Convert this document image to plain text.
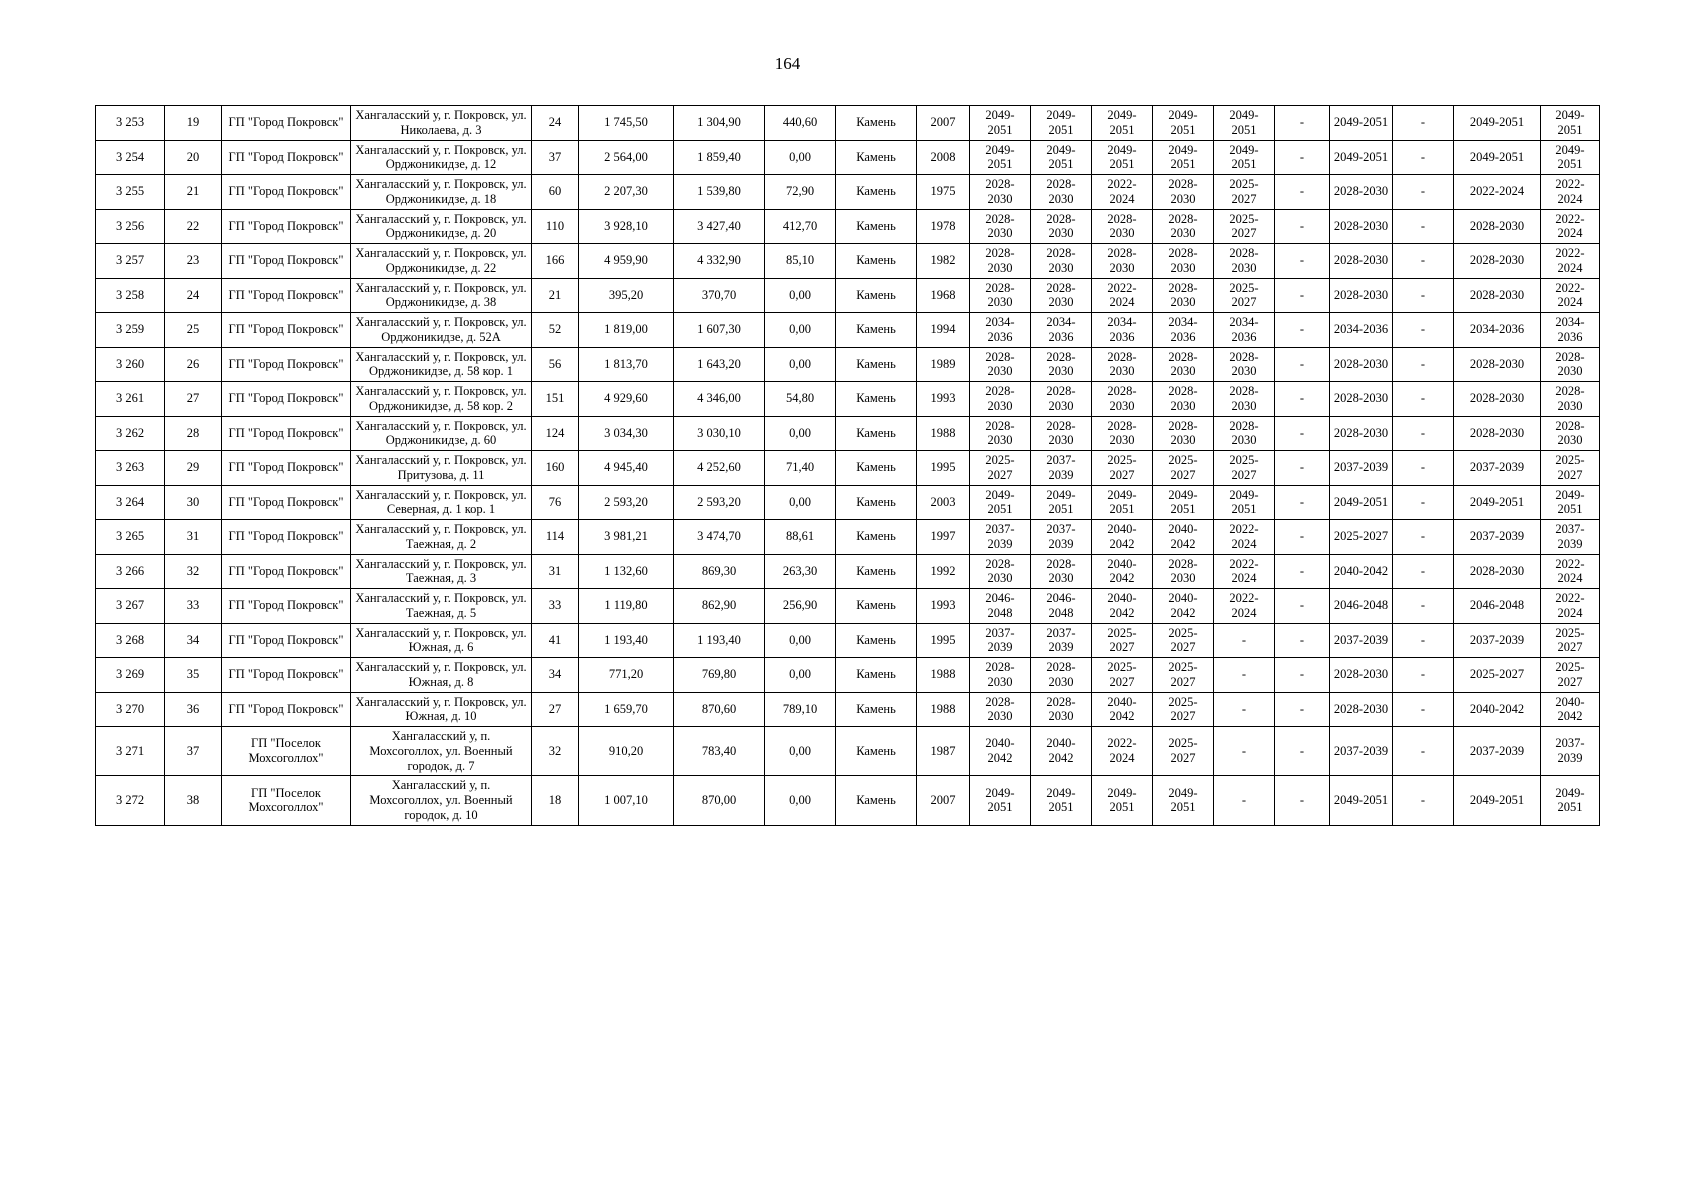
164
3 253	19	ГП "Город Покровск"	Хангаласский у, г. Покровск, ул. Николаева, д. 3	24	1 745,50	1 304,90	440,60	Камень	2007	2049-2051	2049-2051	2049-2051	2049-2051	2049-2051	-	2049-2051	-	2049-2051	2049-2051
3 254	20	ГП "Город Покровск"	Хангаласский у, г. Покровск, ул. Орджоникидзе, д. 12	37	2 564,00	1 859,40	0,00	Камень	2008	2049-2051	2049-2051	2049-2051	2049-2051	2049-2051	-	2049-2051	-	2049-2051	2049-2051
3 255	21	ГП "Город Покровск"	Хангаласский у, г. Покровск, ул. Орджоникидзе, д. 18	60	2 207,30	1 539,80	72,90	Камень	1975	2028-2030	2028-2030	2022-2024	2028-2030	2025-2027	-	2028-2030	-	2022-2024	2022-2024
3 256	22	ГП "Город Покровск"	Хангаласский у, г. Покровск, ул. Орджоникидзе, д. 20	110	3 928,10	3 427,40	412,70	Камень	1978	2028-2030	2028-2030	2028-2030	2028-2030	2025-2027	-	2028-2030	-	2028-2030	2022-2024
3 257	23	ГП "Город Покровск"	Хангаласский у, г. Покровск, ул. Орджоникидзе, д. 22	166	4 959,90	4 332,90	85,10	Камень	1982	2028-2030	2028-2030	2028-2030	2028-2030	2028-2030	-	2028-2030	-	2028-2030	2022-2024
3 258	24	ГП "Город Покровск"	Хангаласский у, г. Покровск, ул. Орджоникидзе, д. 38	21	395,20	370,70	0,00	Камень	1968	2028-2030	2028-2030	2022-2024	2028-2030	2025-2027	-	2028-2030	-	2028-2030	2022-2024
3 259	25	ГП "Город Покровск"	Хангаласский у, г. Покровск, ул. Орджоникидзе, д. 52А	52	1 819,00	1 607,30	0,00	Камень	1994	2034-2036	2034-2036	2034-2036	2034-2036	2034-2036	-	2034-2036	-	2034-2036	2034-2036
3 260	26	ГП "Город Покровск"	Хангаласский у, г. Покровск, ул. Орджоникидзе, д. 58 кор. 1	56	1 813,70	1 643,20	0,00	Камень	1989	2028-2030	2028-2030	2028-2030	2028-2030	2028-2030	-	2028-2030	-	2028-2030	2028-2030
3 261	27	ГП "Город Покровск"	Хангаласский у, г. Покровск, ул. Орджоникидзе, д. 58 кор. 2	151	4 929,60	4 346,00	54,80	Камень	1993	2028-2030	2028-2030	2028-2030	2028-2030	2028-2030	-	2028-2030	-	2028-2030	2028-2030
3 262	28	ГП "Город Покровск"	Хангаласский у, г. Покровск, ул. Орджоникидзе, д. 60	124	3 034,30	3 030,10	0,00	Камень	1988	2028-2030	2028-2030	2028-2030	2028-2030	2028-2030	-	2028-2030	-	2028-2030	2028-2030
3 263	29	ГП "Город Покровск"	Хангаласский у, г. Покровск, ул. Притузова, д. 11	160	4 945,40	4 252,60	71,40	Камень	1995	2025-2027	2037-2039	2025-2027	2025-2027	2025-2027	-	2037-2039	-	2037-2039	2025-2027
3 264	30	ГП "Город Покровск"	Хангаласский у, г. Покровск, ул. Северная, д. 1 кор. 1	76	2 593,20	2 593,20	0,00	Камень	2003	2049-2051	2049-2051	2049-2051	2049-2051	2049-2051	-	2049-2051	-	2049-2051	2049-2051
3 265	31	ГП "Город Покровск"	Хангаласский у, г. Покровск, ул. Таежная, д. 2	114	3 981,21	3 474,70	88,61	Камень	1997	2037-2039	2037-2039	2040-2042	2040-2042	2022-2024	-	2025-2027	-	2037-2039	2037-2039
3 266	32	ГП "Город Покровск"	Хангаласский у, г. Покровск, ул. Таежная, д. 3	31	1 132,60	869,30	263,30	Камень	1992	2028-2030	2028-2030	2040-2042	2028-2030	2022-2024	-	2040-2042	-	2028-2030	2022-2024
3 267	33	ГП "Город Покровск"	Хангаласский у, г. Покровск, ул. Таежная, д. 5	33	1 119,80	862,90	256,90	Камень	1993	2046-2048	2046-2048	2040-2042	2040-2042	2022-2024	-	2046-2048	-	2046-2048	2022-2024
3 268	34	ГП "Город Покровск"	Хангаласский у, г. Покровск, ул. Южная, д. 6	41	1 193,40	1 193,40	0,00	Камень	1995	2037-2039	2037-2039	2025-2027	2025-2027	-	-	2037-2039	-	2037-2039	2025-2027
3 269	35	ГП "Город Покровск"	Хангаласский у, г. Покровск, ул. Южная, д. 8	34	771,20	769,80	0,00	Камень	1988	2028-2030	2028-2030	2025-2027	2025-2027	-	-	2028-2030	-	2025-2027	2025-2027
3 270	36	ГП "Город Покровск"	Хангаласский у, г. Покровск, ул. Южная, д. 10	27	1 659,70	870,60	789,10	Камень	1988	2028-2030	2028-2030	2040-2042	2025-2027	-	-	2028-2030	-	2040-2042	2040-2042
3 271	37	ГП "Поселок Мохсоголлох"	Хангаласский у, п. Мохсоголлох, ул. Военный городок, д. 7	32	910,20	783,40	0,00	Камень	1987	2040-2042	2040-2042	2022-2024	2025-2027	-	-	2037-2039	-	2037-2039	2037-2039
3 272	38	ГП "Поселок Мохсоголлох"	Хангаласский у, п. Мохсоголлох, ул. Военный городок, д. 10	18	1 007,10	870,00	0,00	Камень	2007	2049-2051	2049-2051	2049-2051	2049-2051	-	-	2049-2051	-	2049-2051	2049-2051
